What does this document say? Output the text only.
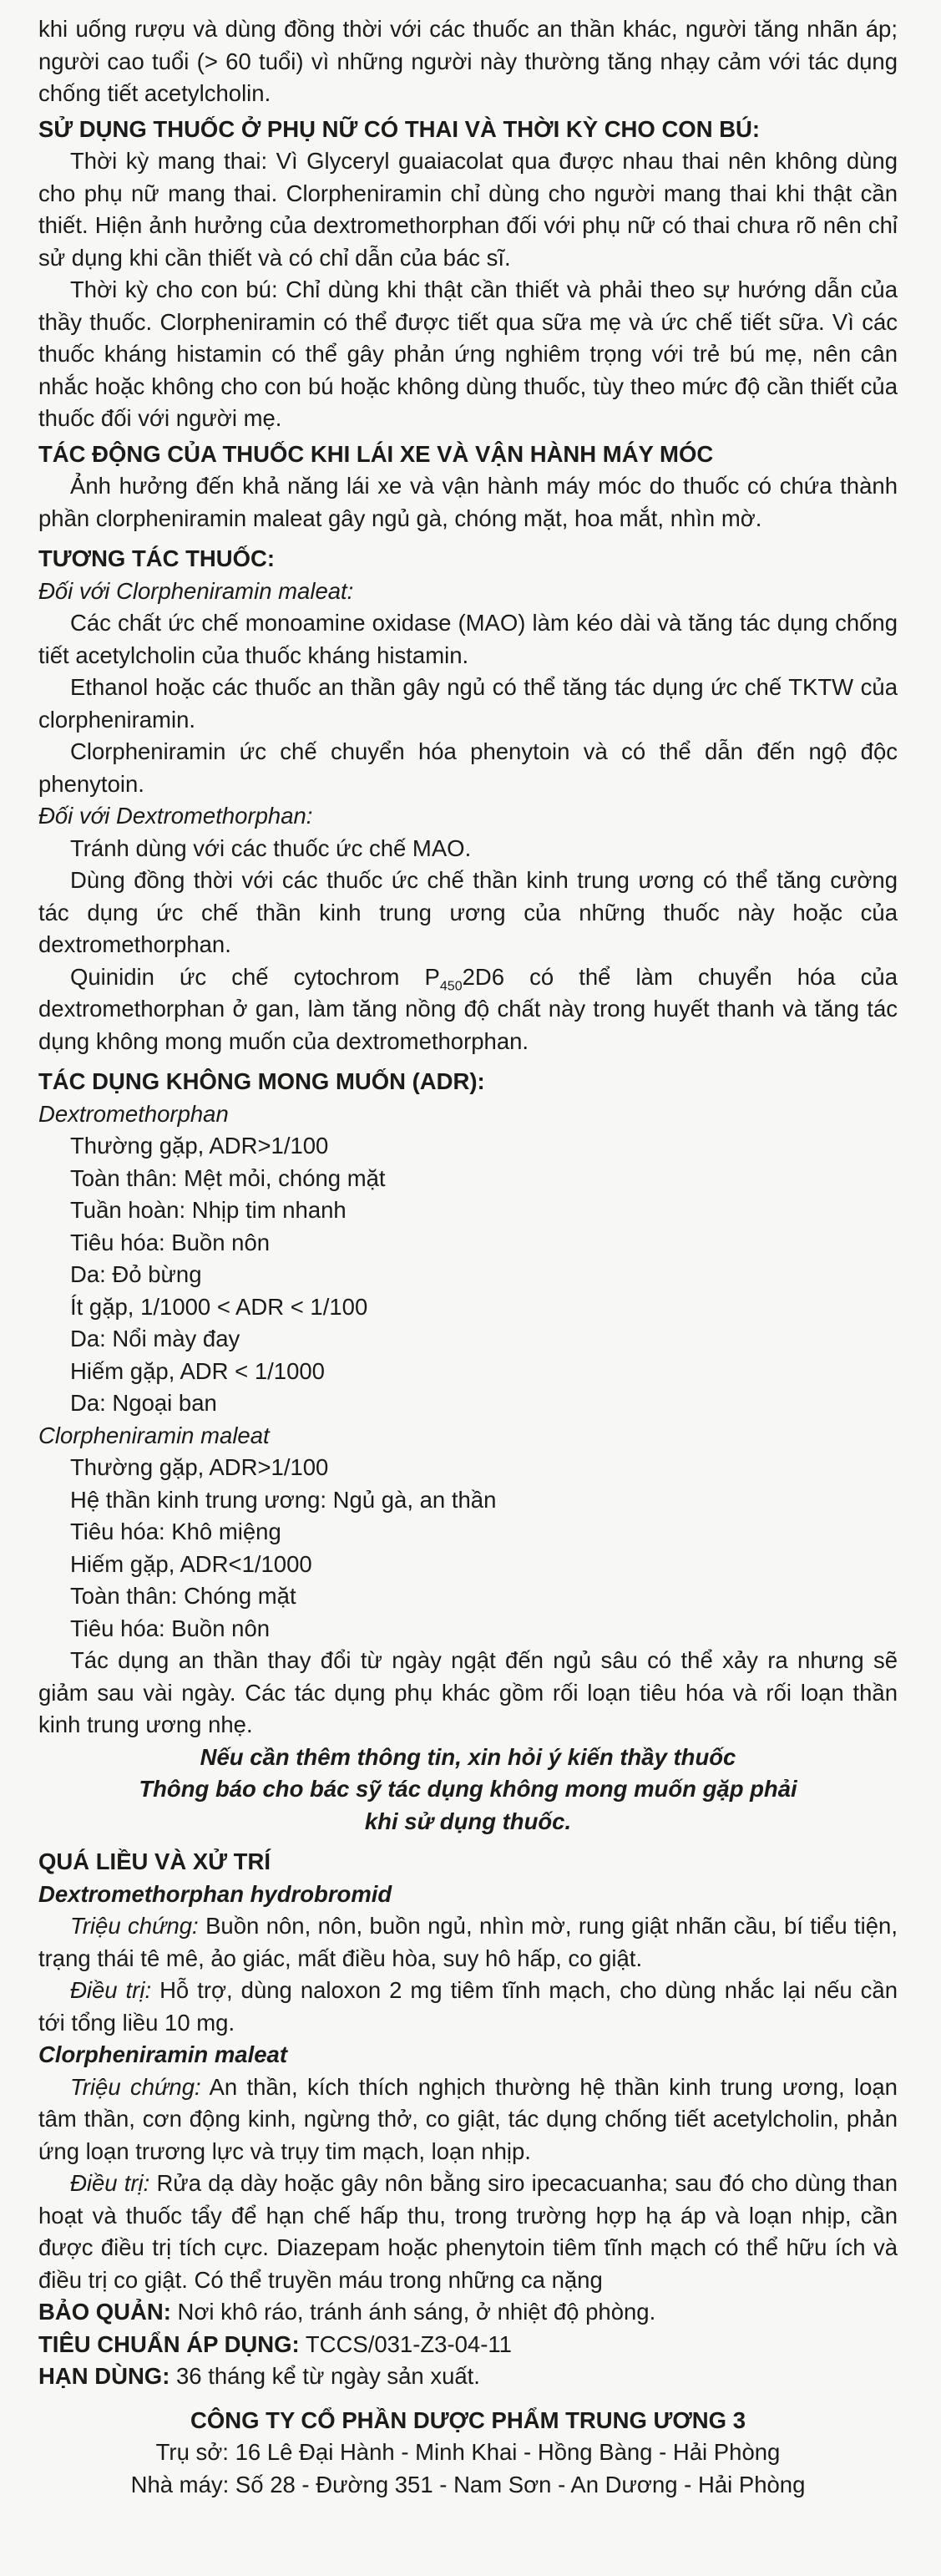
khi uống rượu và dùng đồng thời với các thuốc an thần khác, người tăng nhãn áp; người cao tuổi (> 60 tuổi) vì những người này thường tăng nhạy cảm với tác dụng chống tiết acetylcholin.

SỬ DỤNG THUỐC Ở PHỤ NỮ CÓ THAI VÀ THỜI KỲ CHO CON BÚ:

Thời kỳ mang thai: Vì Glyceryl guaiacolat qua được nhau thai nên không dùng cho phụ nữ mang thai. Clorpheniramin chỉ dùng cho người mang thai khi thật cần thiết. Hiện ảnh hưởng của dextromethorphan đối với phụ nữ có thai chưa rõ nên chỉ sử dụng khi cần thiết và có chỉ dẫn của bác sĩ.

Thời kỳ cho con bú: Chỉ dùng khi thật cần thiết và phải theo sự hướng dẫn của thầy thuốc. Clorpheniramin có thể được tiết qua sữa mẹ và ức chế tiết sữa. Vì các thuốc kháng histamin có thể gây phản ứng nghiêm trọng với trẻ bú mẹ, nên cân nhắc hoặc không cho con bú hoặc không dùng thuốc, tùy theo mức độ cần thiết của thuốc đối với người mẹ.

TÁC ĐỘNG CỦA THUỐC KHI LÁI XE VÀ VẬN HÀNH MÁY MÓC

Ảnh hưởng đến khả năng lái xe và vận hành máy móc do thuốc có chứa thành phần clorpheniramin maleat gây ngủ gà, chóng mặt, hoa mắt, nhìn mờ.

TƯƠNG TÁC THUỐC:

Đối với Clorpheniramin maleat:

Các chất ức chế monoamine oxidase (MAO) làm kéo dài và tăng tác dụng chống tiết acetylcholin của thuốc kháng histamin.

Ethanol hoặc các thuốc an thần gây ngủ có thể tăng tác dụng ức chế TKTW của clorpheniramin.

Clorpheniramin ức chế chuyển hóa phenytoin và có thể dẫn đến ngộ độc phenytoin.

Đối với Dextromethorphan:

Tránh dùng với các thuốc ức chế MAO.

Dùng đồng thời với các thuốc ức chế thần kinh trung ương có thể tăng cường tác dụng ức chế thần kinh trung ương của những thuốc này hoặc của dextromethorphan.

Quinidin ức chế cytochrom $P_{450}2D6$ có thể làm chuyển hóa của dextromethorphan ở gan, làm tăng nồng độ chất này trong huyết thanh và tăng tác dụng không mong muốn của dextromethorphan.

TÁC DỤNG KHÔNG MONG MUỐN (ADR):

Dextromethorphan

Thường gặp, ADR>1/100

Toàn thân: Mệt mỏi, chóng mặt

Tuần hoàn: Nhịp tim nhanh

Tiêu hóa: Buồn nôn

Da: Đỏ bừng

Ít gặp, 1/1000 < ADR < 1/100

Da: Nổi mày đay

Hiếm gặp, ADR < 1/1000

Da: Ngoại ban

Clorpheniramin maleat

Thường gặp, ADR>1/100

Hệ thần kinh trung ương: Ngủ gà, an thần

Tiêu hóa: Khô miệng

Hiếm gặp, ADR<1/1000

Toàn thân: Chóng mặt

Tiêu hóa: Buồn nôn

Tác dụng an thần thay đổi từ ngày ngật đến ngủ sâu có thể xảy ra nhưng sẽ giảm sau vài ngày. Các tác dụng phụ khác gồm rối loạn tiêu hóa và rối loạn thần kinh trung ương nhẹ.

Nếu cần thêm thông tin, xin hỏi ý kiến thầy thuốc

Thông báo cho bác sỹ tác dụng không mong muốn gặp phải

khi sử dụng thuốc.

QUÁ LIỀU VÀ XỬ TRÍ

Dextromethorphan hydrobromid

Triệu chứng: Buồn nôn, nôn, buồn ngủ, nhìn mờ, rung giật nhãn cầu, bí tiểu tiện, trạng thái tê mê, ảo giác, mất điều hòa, suy hô hấp, co giật.

Điều trị: Hỗ trợ, dùng naloxon 2 mg tiêm tĩnh mạch, cho dùng nhắc lại nếu cần tới tổng liều 10 mg.

Clorpheniramin maleat

Triệu chứng: An thần, kích thích nghịch thường hệ thần kinh trung ương, loạn tâm thần, cơn động kinh, ngừng thở, co giật, tác dụng chống tiết acetylcholin, phản ứng loạn trương lực và trụy tim mạch, loạn nhịp.

Điều trị: Rửa dạ dày hoặc gây nôn bằng siro ipecacuanha; sau đó cho dùng than hoạt và thuốc tẩy để hạn chế hấp thu, trong trường hợp hạ áp và loạn nhịp, cần được điều trị tích cực. Diazepam hoặc phenytoin tiêm tĩnh mạch có thể hữu ích và điều trị co giật. Có thể truyền máu trong những ca nặng

BẢO QUẢN: Nơi khô ráo, tránh ánh sáng, ở nhiệt độ phòng.

TIÊU CHUẨN ÁP DỤNG: TCCS/031-Z3-04-11

HẠN DÙNG: 36 tháng kể từ ngày sản xuất.

CÔNG TY CỔ PHẦN DƯỢC PHẨM TRUNG ƯƠNG 3

Trụ sở: 16 Lê Đại Hành - Minh Khai - Hồng Bàng - Hải Phòng

Nhà máy: Số 28 - Đường 351 - Nam Sơn - An Dương - Hải Phòng
